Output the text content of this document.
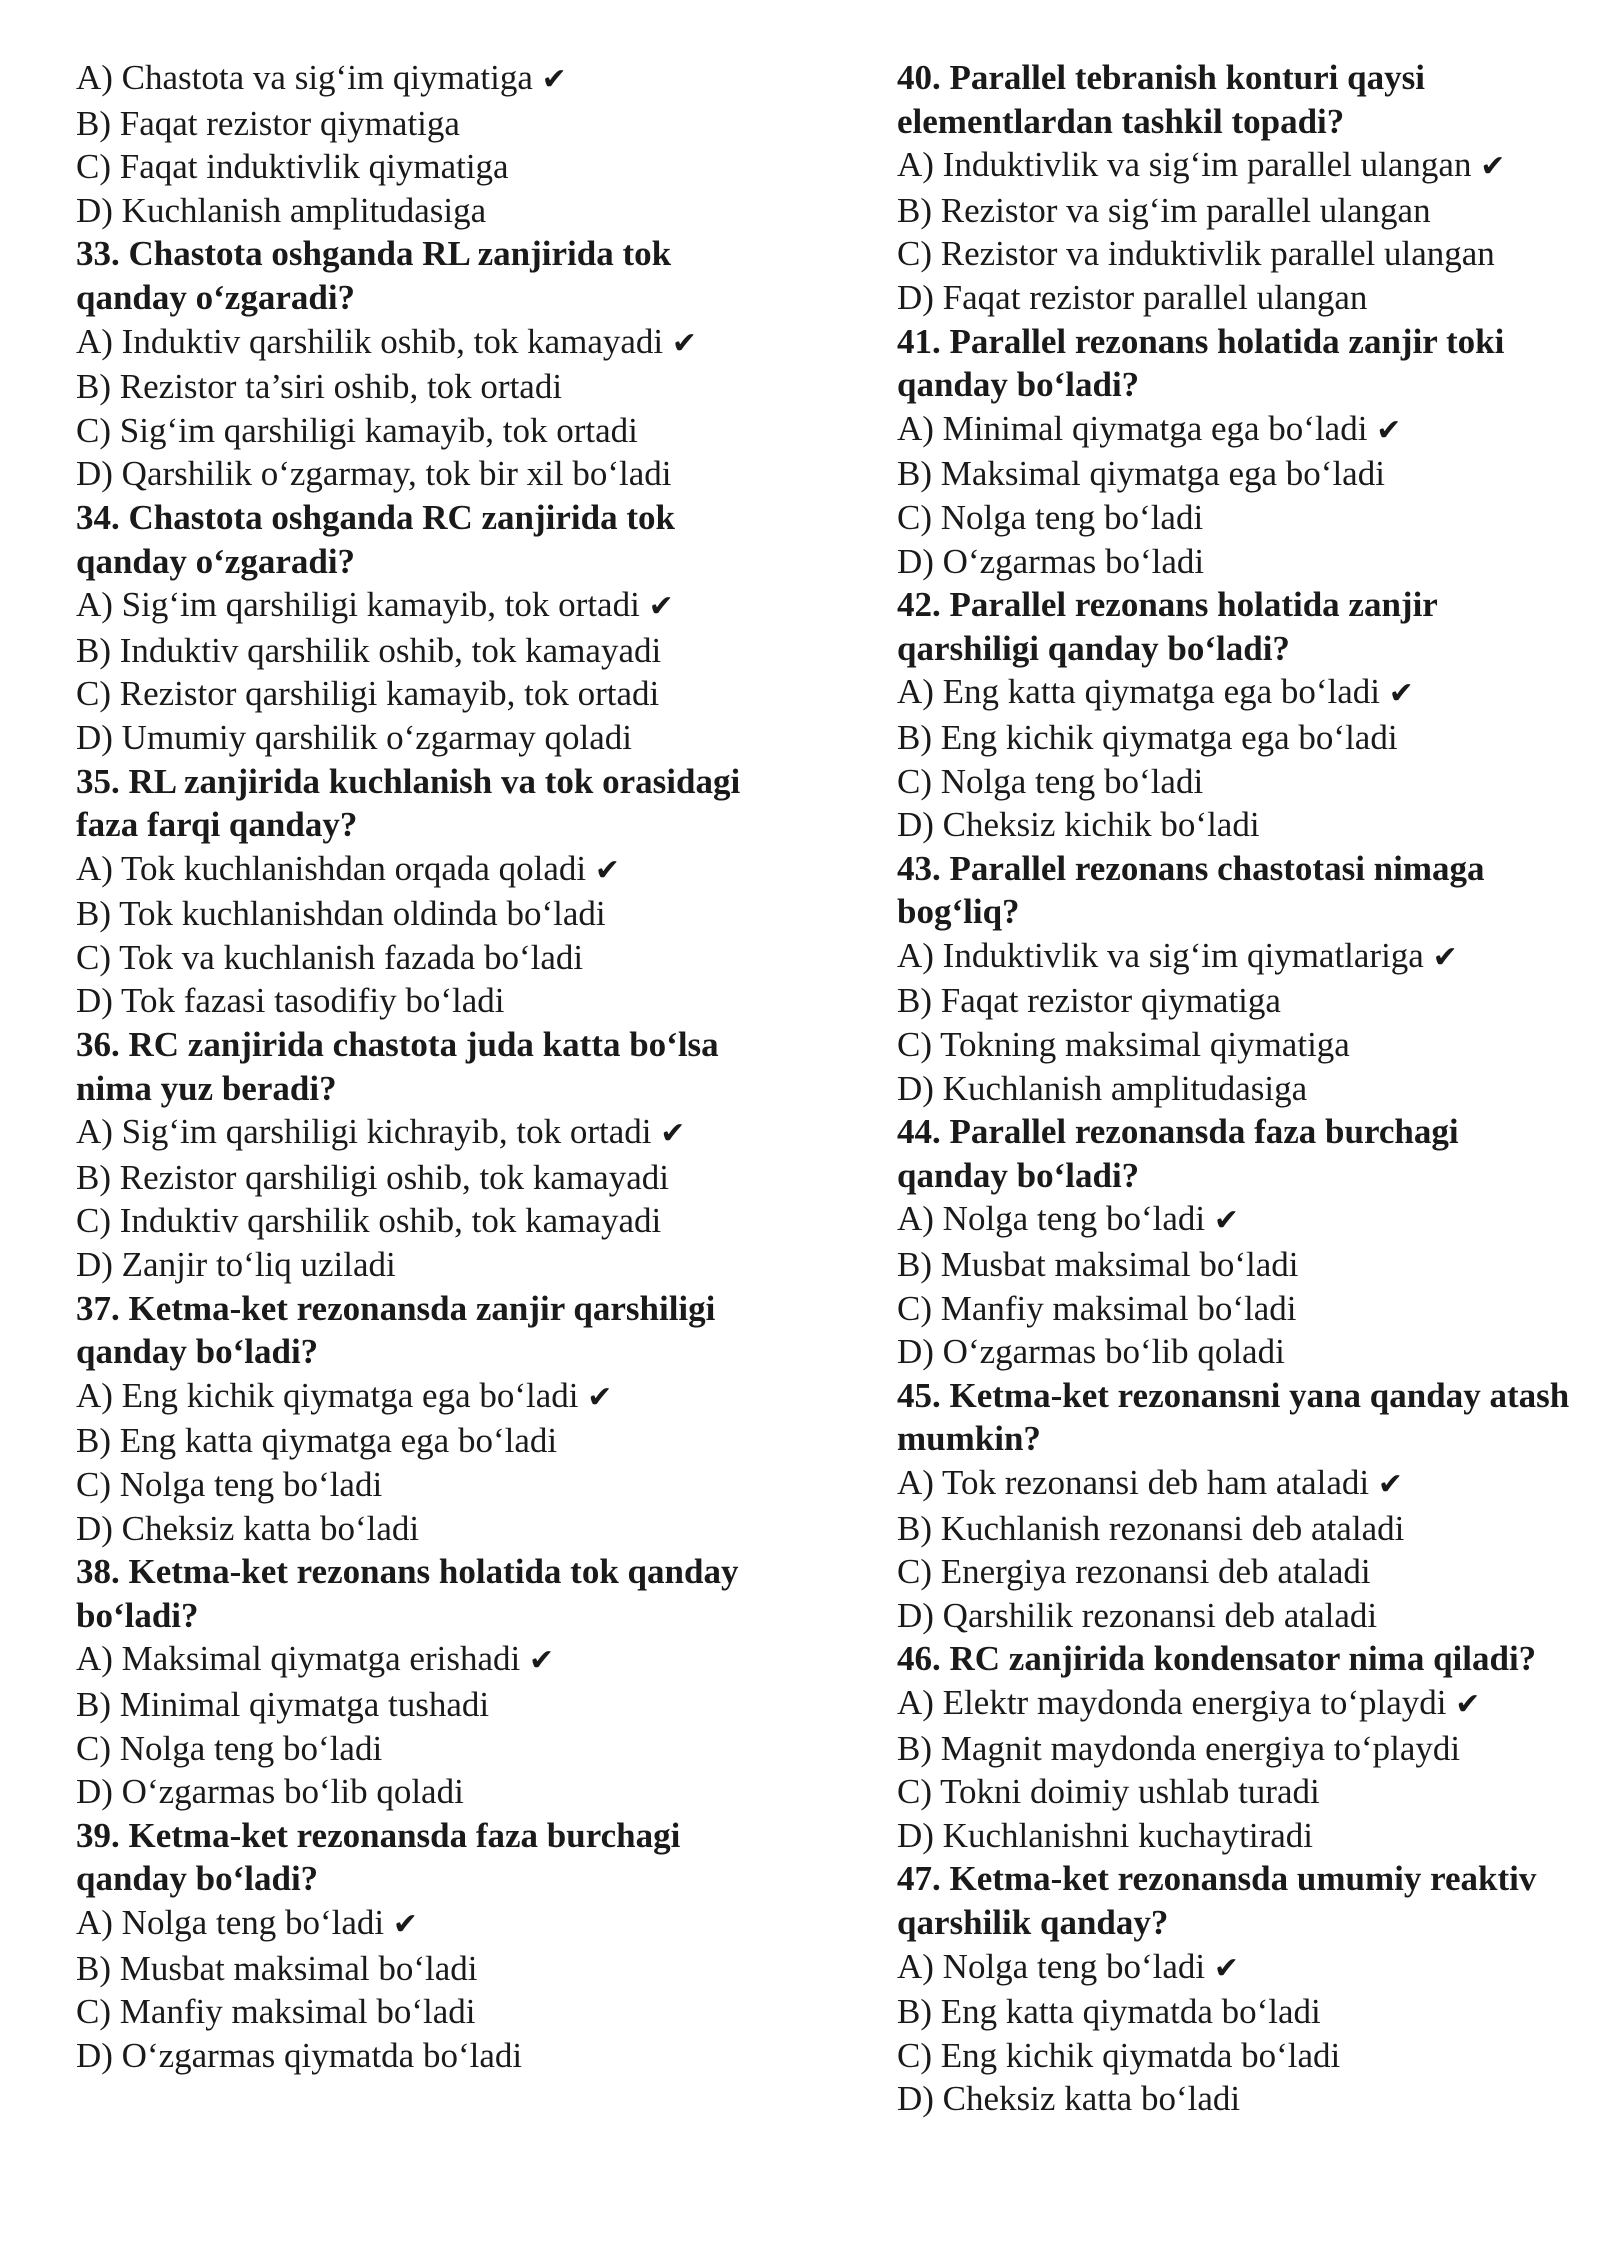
A) Chastota va sig‘im qiymatiga ✔
B) Faqat rezistor qiymatiga
C) Faqat induktivlik qiymatiga
D) Kuchlanish amplitudasiga
33. Chastota oshganda RL zanjirida tok qanday o‘zgaradi?
A) Induktiv qarshilik oshib, tok kamayadi ✔
B) Rezistor ta’siri oshib, tok ortadi
C) Sig‘im qarshiligi kamayib, tok ortadi
D) Qarshilik o‘zgarmay, tok bir xil bo‘ladi
34. Chastota oshganda RC zanjirida tok qanday o‘zgaradi?
A) Sig‘im qarshiligi kamayib, tok ortadi ✔
B) Induktiv qarshilik oshib, tok kamayadi
C) Rezistor qarshiligi kamayib, tok ortadi
D) Umumiy qarshilik o‘zgarmay qoladi
35. RL zanjirida kuchlanish va tok orasidagi faza farqi qanday?
A) Tok kuchlanishdan orqada qoladi ✔
B) Tok kuchlanishdan oldinda bo‘ladi
C) Tok va kuchlanish fazada bo‘ladi
D) Tok fazasi tasodifiy bo‘ladi
36. RC zanjirida chastota juda katta bo‘lsa nima yuz beradi?
A) Sig‘im qarshiligi kichrayib, tok ortadi ✔
B) Rezistor qarshiligi oshib, tok kamayadi
C) Induktiv qarshilik oshib, tok kamayadi
D) Zanjir to‘liq uziladi
37. Ketma-ket rezonansda zanjir qarshiligi qanday bo‘ladi?
A) Eng kichik qiymatga ega bo‘ladi ✔
B) Eng katta qiymatga ega bo‘ladi
C) Nolga teng bo‘ladi
D) Cheksiz katta bo‘ladi
38. Ketma-ket rezonans holatida tok qanday bo‘ladi?
A) Maksimal qiymatga erishadi ✔
B) Minimal qiymatga tushadi
C) Nolga teng bo‘ladi
D) O‘zgarmas bo‘lib qoladi
39. Ketma-ket rezonansda faza burchagi qanday bo‘ladi?
A) Nolga teng bo‘ladi ✔
B) Musbat maksimal bo‘ladi
C) Manfiy maksimal bo‘ladi
D) O‘zgarmas qiymatda bo‘ladi
40. Parallel tebranish konturi qaysi elementlardan tashkil topadi?
A) Induktivlik va sig‘im parallel ulangan ✔
B) Rezistor va sig‘im parallel ulangan
C) Rezistor va induktivlik parallel ulangan
D) Faqat rezistor parallel ulangan
41. Parallel rezonans holatida zanjir toki qanday bo‘ladi?
A) Minimal qiymatga ega bo‘ladi ✔
B) Maksimal qiymatga ega bo‘ladi
C) Nolga teng bo‘ladi
D) O‘zgarmas bo‘ladi
42. Parallel rezonans holatida zanjir qarshiligi qanday bo‘ladi?
A) Eng katta qiymatga ega bo‘ladi ✔
B) Eng kichik qiymatga ega bo‘ladi
C) Nolga teng bo‘ladi
D) Cheksiz kichik bo‘ladi
43. Parallel rezonans chastotasi nimaga bog‘liq?
A) Induktivlik va sig‘im qiymatlariga ✔
B) Faqat rezistor qiymatiga
C) Tokning maksimal qiymatiga
D) Kuchlanish amplitudasiga
44. Parallel rezonansda faza burchagi qanday bo‘ladi?
A) Nolga teng bo‘ladi ✔
B) Musbat maksimal bo‘ladi
C) Manfiy maksimal bo‘ladi
D) O‘zgarmas bo‘lib qoladi
45. Ketma-ket rezonansni yana qanday atash mumkin?
A) Tok rezonansi deb ham ataladi ✔
B) Kuchlanish rezonansi deb ataladi
C) Energiya rezonansi deb ataladi
D) Qarshilik rezonansi deb ataladi
46. RC zanjirida kondensator nima qiladi?
A) Elektr maydonda energiya to‘playdi ✔
B) Magnit maydonda energiya to‘playdi
C) Tokni doimiy ushlab turadi
D) Kuchlanishni kuchaytiradi
47. Ketma-ket rezonansda umumiy reaktiv qarshilik qanday?
A) Nolga teng bo‘ladi ✔
B) Eng katta qiymatda bo‘ladi
C) Eng kichik qiymatda bo‘ladi
D) Cheksiz katta bo‘ladi
